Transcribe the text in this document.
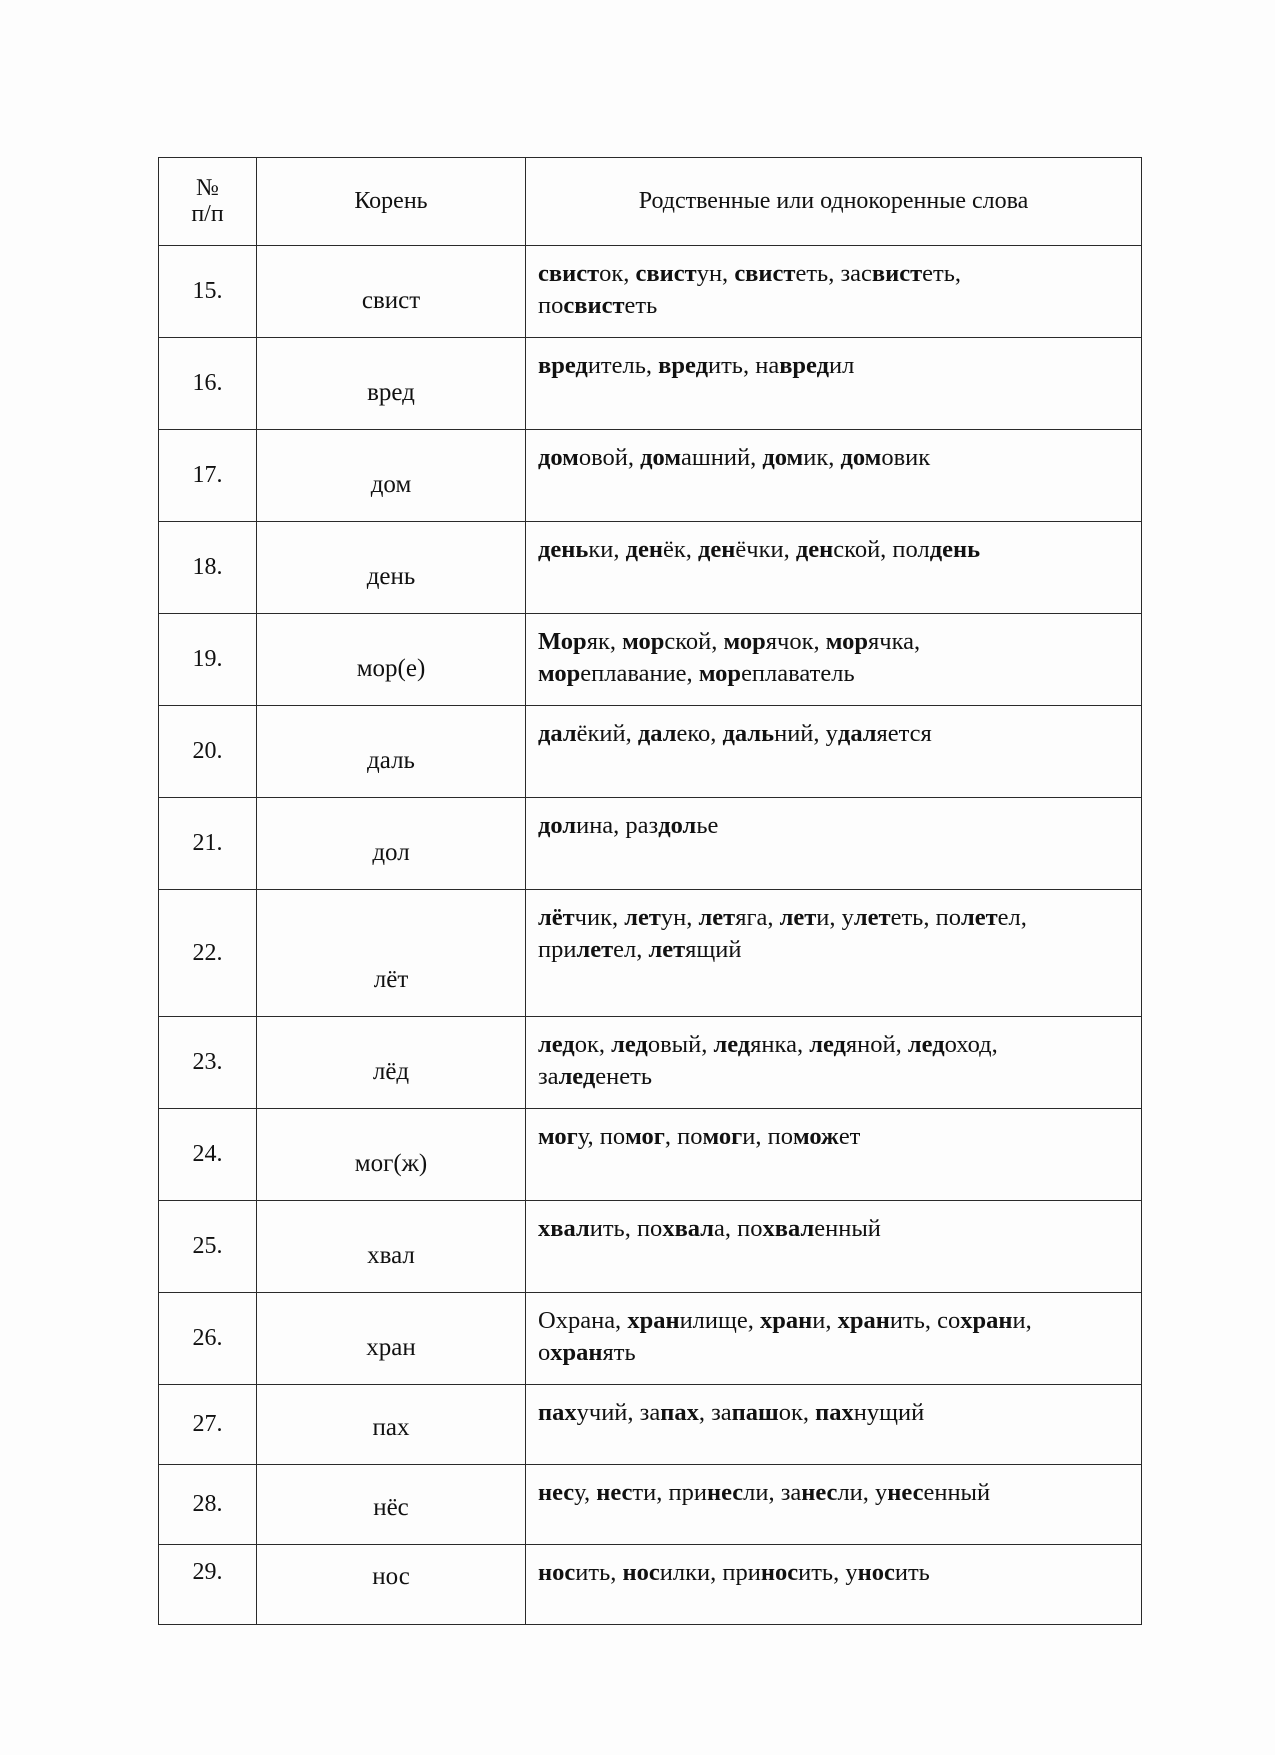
№
п/п	Корень	Родственные или однокоренные слова
15.	свист	свисток, свистун, свистеть, засвистеть,
посвистеть
16.	вред	вредитель, вредить, навредил
17.	дом	домовой, домашний, домик, домовик
18.	день	деньки, денёк, денёчки, денской, полдень
19.	мор(е)	Моряк, морской, морячок, морячка,
мореплавание, мореплаватель
20.	даль	далёкий, далеко, дальний, удаляется
21.	дол	долина, раздолье
22.	лёт	лётчик, летун, летяга, лети, улететь, полетел,
прилетел, летящий
23.	лёд	ледок, ледовый, ледянка, ледяной, ледоход,
заледенеть
24.	мог(ж)	могу, помог, помоги, поможет
25.	хвал	хвалить, похвала, похваленный
26.	хран	Охрана, хранилище, храни, хранить, сохрани,
охранять
27.	пах	пахучий, запах, запашок, пахнущий
28.	нёс	несу, нести, принесли, занесли, унесенный
29.	нос	носить, носилки, приносить, уносить
